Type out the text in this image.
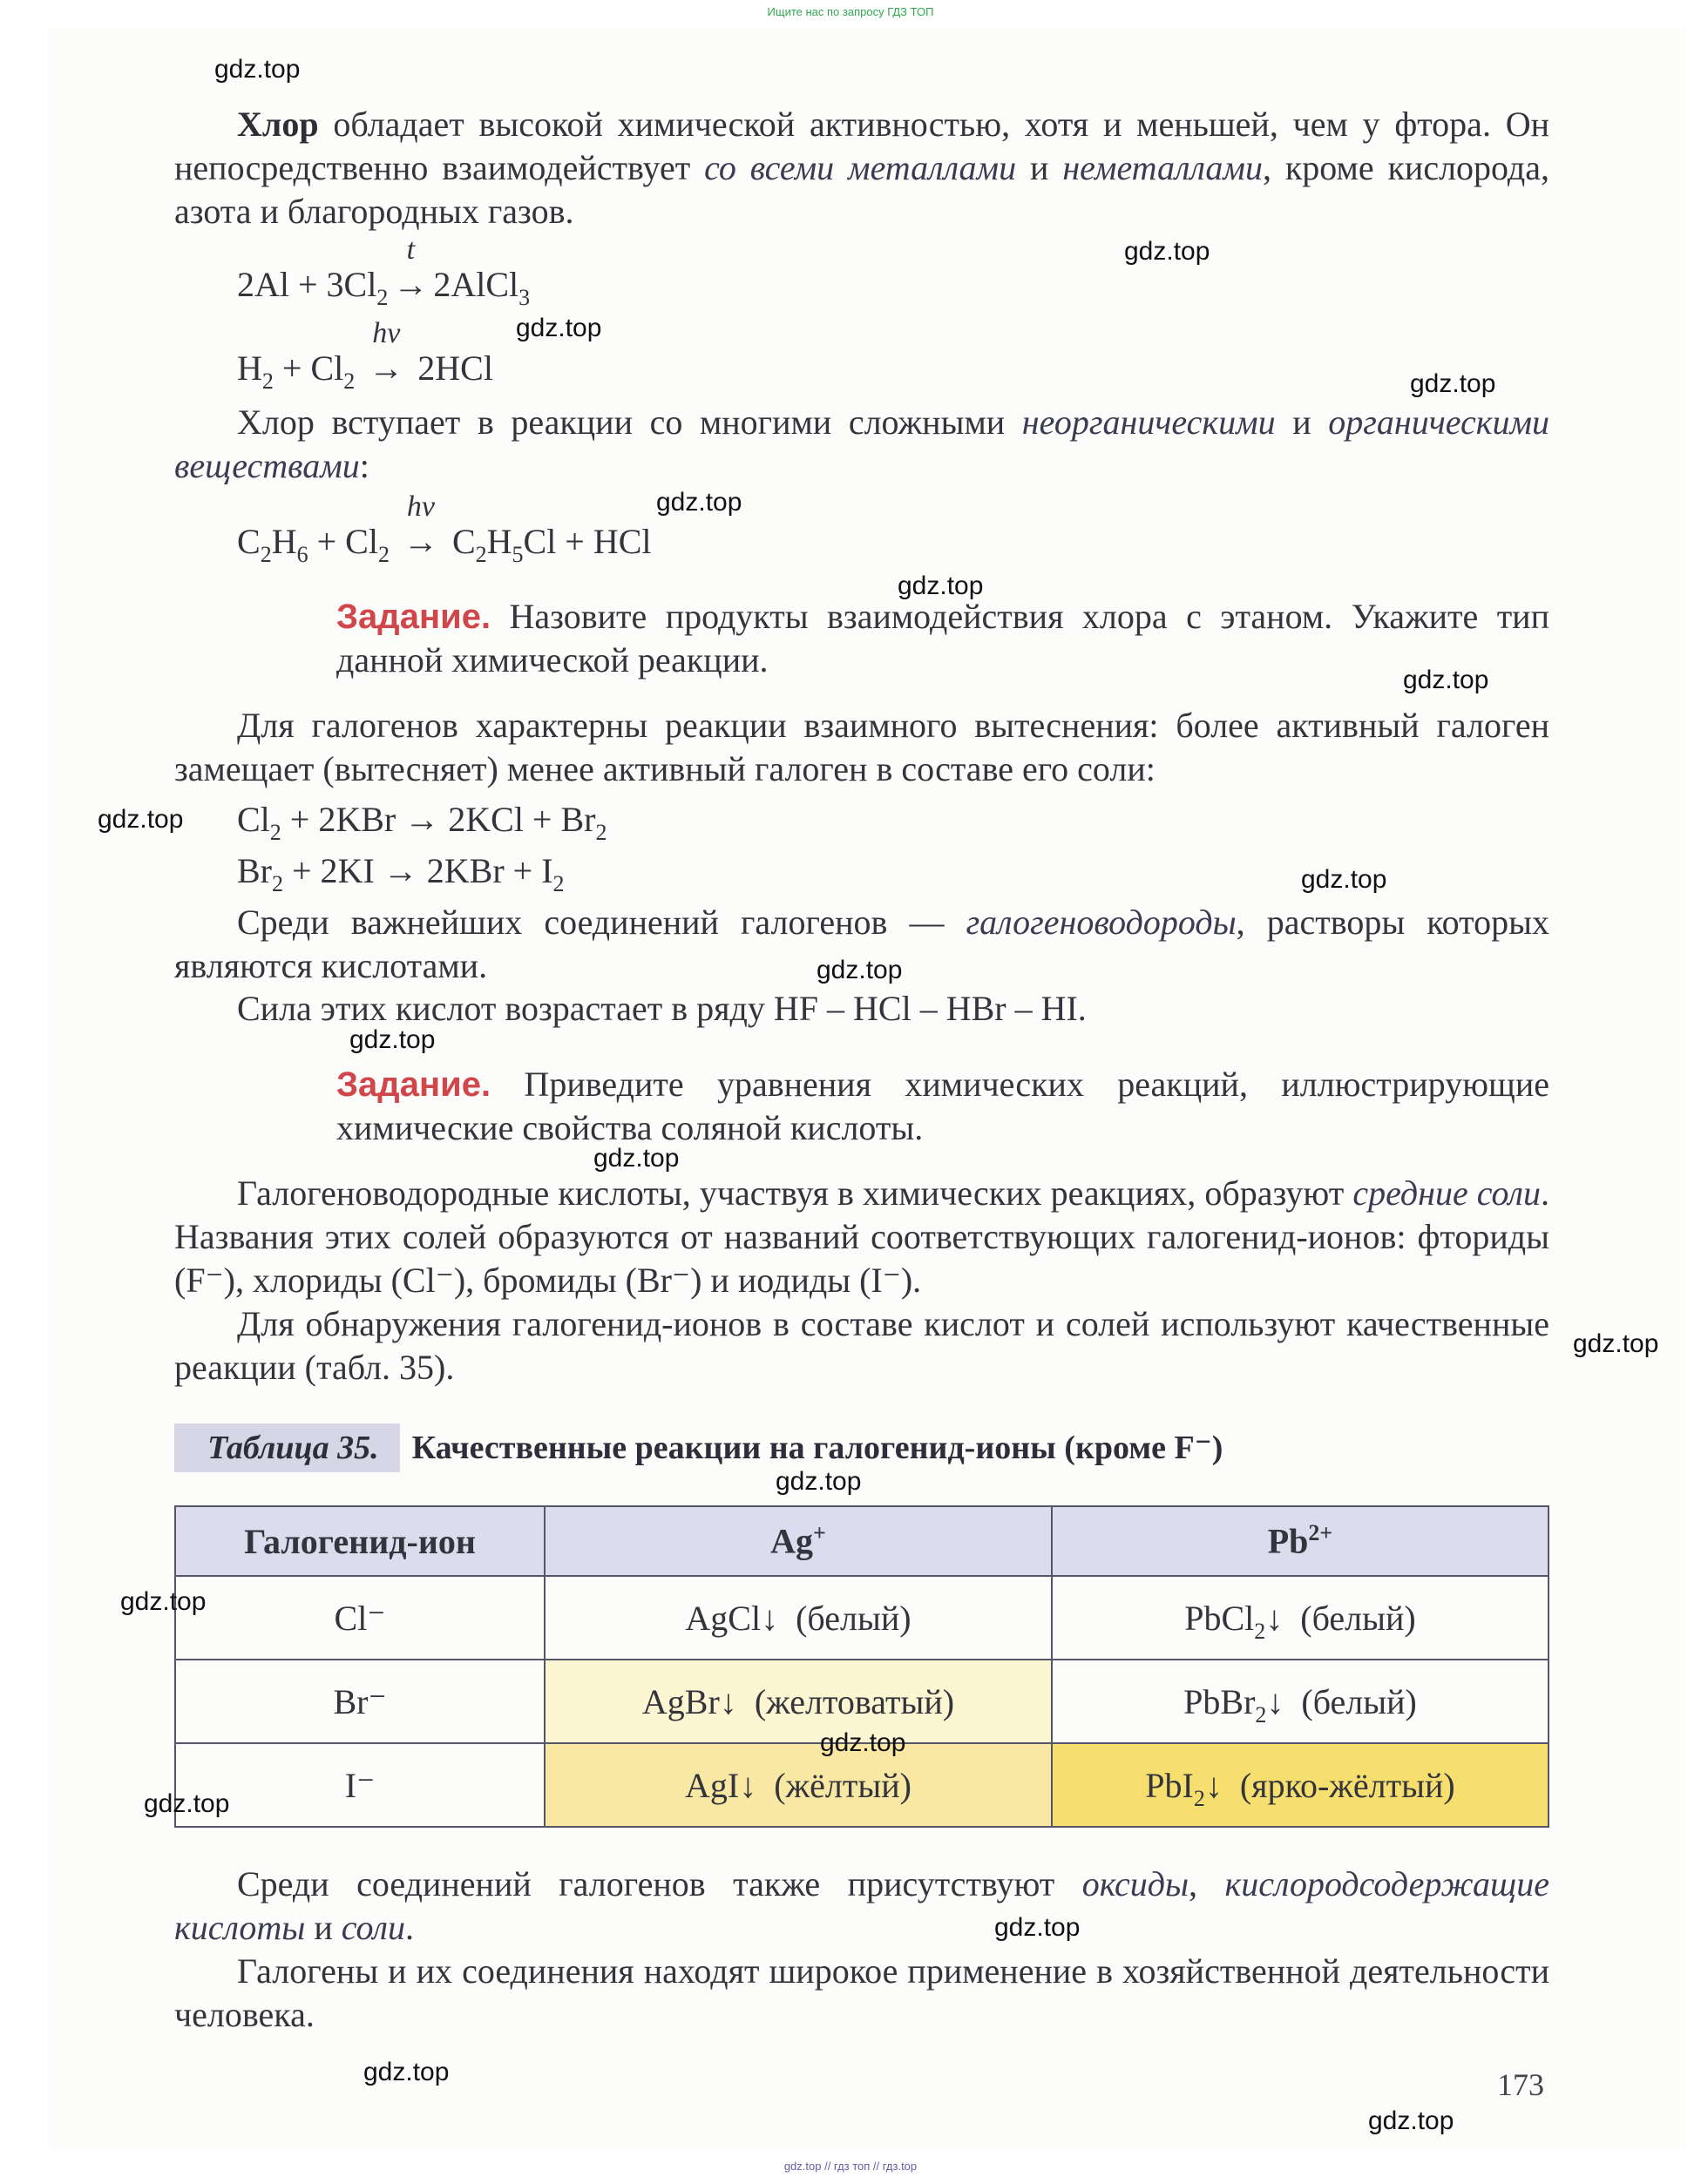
Ищите нас по запросу ГДЗ ТОП
Хлор обладает высокой химической активностью, хотя и меньшей, чем у фтора. Он непосредственно взаимодействует со всеми металлами и неметаллами, кроме кислорода, азота и благородных газов.
$2Al + 3Cl_2$
t
→ 2AlCl$_3$
$H_2 + Cl_2$
hν
→ 2HCl
Хлор вступает в реакции со многими сложными неорганическими и органическими веществами:
$C_2H_6 + Cl_2$
hν
→ $C_2H_5Cl$ + HCl
Задание. Назовите продукты взаимодействия хлора с этаном. Укажите тип данной химической реакции.
Для галогенов характерны реакции взаимного вытеснения: более активный галоген замещает (вытесняет) менее активный галоген в составе его соли:
$Cl_2 + 2KBr \to 2KCl + Br_2$
$Br_2 + 2KI \to 2KBr + I_2$
Среди важнейших соединений галогенов — галогеноводороды, растворы которых являются кислотами.
Сила этих кислот возрастает в ряду HF – HCl – HBr – HI.
Задание. Приведите уравнения химических реакций, иллюстрирующие химические свойства соляной кислоты.
Галогеноводородные кислоты, участвуя в химических реакциях, образуют средние соли. Названия этих солей образуются от названий соответствующих галогенид-ионов: фториды (F⁻), хлориды (Cl⁻), бромиды (Br⁻) и иодиды (I⁻).
Для обнаружения галогенид-ионов в составе кислот и солей используют качественные реакции (табл. 35).
Таблица 35. Качественные реакции на галогенид-ионы (кроме F⁻)
Галогенид-ион	Ag+	$Pb^{2+}$
Cl⁻	AgCl↓ (белый)	PbCl$_2$↓ (белый)
Br⁻	AgBr↓ (желтоватый)	PbBr$_2$↓ (белый)
I⁻	AgI↓ (жёлтый)	PbI$_2$↓ (ярко-жёлтый)
Среди соединений галогенов также присутствуют оксиды, кислородсодержащие кислоты и соли.
Галогены и их соединения находят широкое применение в хозяйственной деятельности человека.
173
gdz.top
gdz.top
gdz.top
gdz.top
gdz.top
gdz.top
gdz.top
gdz.top
gdz.top
gdz.top
gdz.top
gdz.top
gdz.top
gdz.top
gdz.top
gdz.top
gdz.top
gdz.top
gdz.top
gdz.top
gdz.top // гдз топ // гдз.top
